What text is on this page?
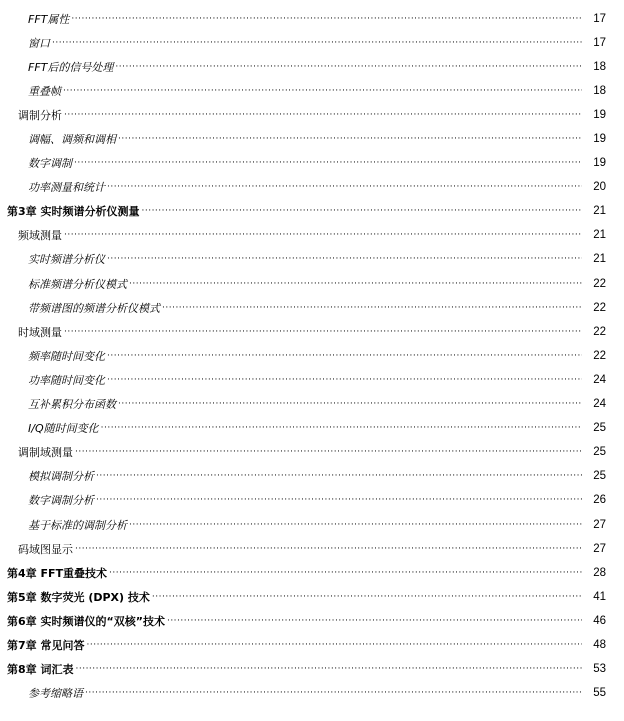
FFT属性 ·····	17
窗口 ·····	17
FFT后的信号处理 ·····	18
重叠帧 ·····	18
调制分析 ·····	19
调幅、调频和调相 ·····	19
数字调制 ·····	19
功率测量和统计 ·····	20
第3章 实时频谱分析仪测量 ·····	21
频域测量 ·····	21
实时频谱分析仪 ·····	21
标准频谱分析仪模式 ·····	22
带频谱图的频谱分析仪模式 ·····	22
时域测量 ·····	22
频率随时间变化 ·····	22
功率随时间变化 ·····	24
互补累积分布函数 ·····	24
I/Q随时间变化 ·····	25
调制域测量 ·····	25
模拟调制分析 ·····	25
数字调制分析 ·····	26
基于标准的调制分析 ·····	27
码域图显示 ·····	27
第4章 FFT重叠技术 ·····	28
第5章 数字荧光 (DPX) 技术 ·····	41
第6章 实时频谱仪的“双核”技术 ·····	46
第7章 常见问答 ·····	48
第8章 词汇表 ·····	53
参考缩略语 ·····	55
